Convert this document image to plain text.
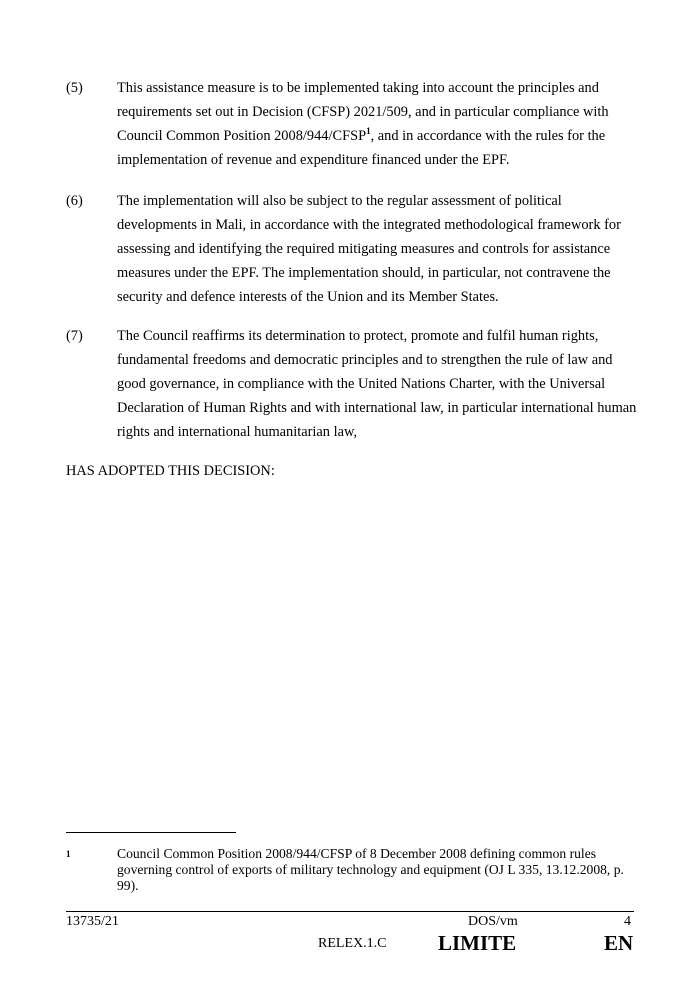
(5) This assistance measure is to be implemented taking into account the principles and
requirements set out in Decision (CFSP) 2021/509, and in particular compliance with
Council Common Position 2008/944/CFSP$^1$, and in accordance with the rules for the
implementation of revenue and expenditure financed under the EPF.
(6) The implementation will also be subject to the regular assessment of political
developments in Mali, in accordance with the integrated methodological framework for
assessing and identifying the required mitigating measures and controls for assistance
measures under the EPF. The implementation should, in particular, not contravene the
security and defence interests of the Union and its Member States.
(7) The Council reaffirms its determination to protect, promote and fulfil human rights,
fundamental freedoms and democratic principles and to strengthen the rule of law and
good governance, in compliance with the United Nations Charter, with the Universal
Declaration of Human Rights and with international law, in particular international human
rights and international humanitarian law,
HAS ADOPTED THIS DECISION:
1	Council Common Position 2008/944/CFSP of 8 December 2008 defining common rules governing control of exports of military technology and equipment (OJ L 335, 13.12.2008, p. 99).
13735/21	DOS/vm	4
RELEX.1.C LIMITE	EN
